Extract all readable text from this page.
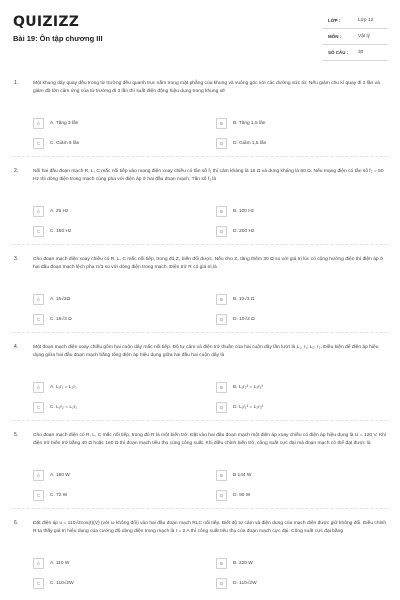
QUIZIZZ
Bài 19: Ôn tập chương III
LỚP :	Lớp 12
MÔN :	Vật lý
SỐ CÂU :	30
1.	Một khung dây quay đều trong từ trường đều quanh trục nằm trong mặt phẳng của khung và vuông góc với các đường sức từ. Nếu giảm chu kì quay đi 2 lần và giảm độ lớn cảm ứng của từ trường đi 3 lần thì suất điện động hiệu dụng trong khung sẽ
A	A. Tăng 3 lần	B	B. Tăng 1,5 lần
C	C. Giảm 6 lần	D	D. Giảm 1,5 lần
2.	Nối hai đầu đoạn mạch R, L, C mắc nối tiếp vào mạng điện xoay chiều có tần số f₁ thì cảm kháng là 15 Ω và dung kháng là 60 Ω. Nếu mạng điện có tần số f₂ = 50 Hz thì dòng điện trong mạch cùng pha với điện áp ở hai đầu đoạn mạch. Tần số f₁ là
A	A. 25 Hz	B	B. 100 Hz
C	C. 150 Hz	D	D. 200 Hz
3.	Cho đoạn mạch điện xoay chiều có R, L, C mắc nối tiếp, trong đó Z꜀ biến đổi được. Nếu cho Z꜀ tăng thêm 30 Ω so với giá trị lúc có cộng hưởng điện thì điện áp ở hai đầu đoạn mạch lệch pha π/3 so với dòng điện trong mạch. Điện trở R có giá trị là
A	A. 15√2Ω	B	B. 10√3 Ω
C	C. 15√3 Ω	D	D. 10√2 Ω
4.	Một đoạn mạch điện xoay chiều gồm hai cuộn dây mắc nối tiếp. Độ tự cảm và điện trở thuần của hai cuộn dây lần lượt là L₁, r₁; L₂, r₂. Điều kiện để điện áp hiệu dụng giữa hai đầu đoạn mạch bằng tổng điện áp hiệu dụng giữa hai đầu hai cuộn dây là
A	A. L₁r₁ = L₂r₂	B	B. L₁r₂² = L₂r₁²
C	C. L₁r₂ = L₂r₁	D	D. L₁r₁² = L₂r₂²
5.	Cho đoạn mạch điện có R, L, C mắc nối tiếp, trong đó R là một biến trở. Đặt vào hai đầu đoạn mạch một điện áp xoay chiều có điện áp hiệu dụng là U = 120 V. Khi điện trở biến trở bằng 40 Ω hoặc 160 Ω thì đoạn mạch tiêu thụ cùng công suất. Khi điều chỉnh biến trở, công suất cực đại mà đoạn mạch có thể đạt được là
A	A. 180 W	B	B 144 W
C	C. 72 W	D	D. 90 W
6.	Đặt điện áp u = 110√2cos(t)(V) (với ω không đổi) vào hai đầu đoạn mạch RLC nối tiếp. Biết độ tự cảm và điện dung của mạch điện được giữ không đổi. Điều chỉnh R ta thấy giá trị hiệu dụng của cường độ dòng điện trong mạch là I = 2 A thì công suất tiêu thụ của đoạn mạch cực đại. Công suất cực đại bằng
A	A. 110 W	B	B. 220 W
C	C. 110√2W	D	D. 110√2W
